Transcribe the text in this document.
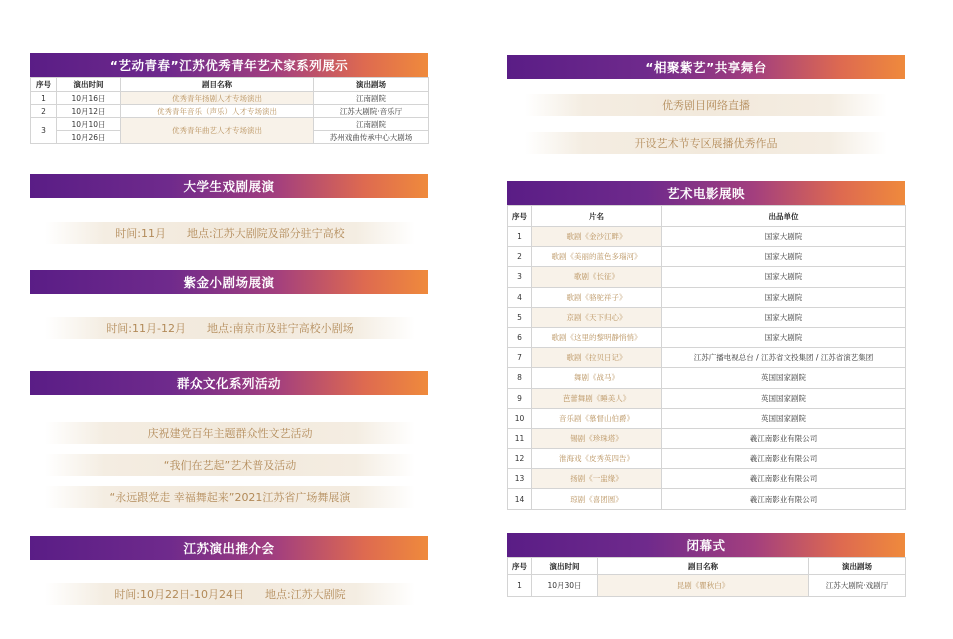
“艺动青春”江苏优秀青年艺术家系列展示
序号	演出时间	剧目名称	演出剧场
1	10月16日	优秀青年扬剧人才专场演出	江南剧院
2	10月12日	优秀青年音乐（声乐）人才专场演出	江苏大剧院·音乐厅
3	10月10日	优秀青年曲艺人才专场演出	江南剧院
	10月26日		苏州戏曲传承中心大剧场
大学生戏剧展演
时间:11月      地点:江苏大剧院及部分驻宁高校
紫金小剧场展演
时间:11月-12月      地点:南京市及驻宁高校小剧场
群众文化系列活动
庆祝建党百年主题群众性文艺活动
“我们在艺起”艺术普及活动
“永远跟党走 幸福舞起来”2021江苏省广场舞展演
江苏演出推介会
时间:10月22日-10月24日      地点:江苏大剧院
“相聚紫艺”共享舞台
优秀剧目网络直播
开设艺术节专区展播优秀作品
艺术电影展映
序号	片名	出品单位
1	歌剧《金沙江畔》	国家大剧院
2	歌剧《美丽的蓝色多瑙河》	国家大剧院
3	歌剧《长征》	国家大剧院
4	歌剧《骆驼祥子》	国家大剧院
5	京剧《天下归心》	国家大剧院
6	歌剧《这里的黎明静悄悄》	国家大剧院
7	歌剧《拉贝日记》	江苏广播电视总台 / 江苏省文投集团 / 江苏省演艺集团
8	舞剧《战马》	英国国家剧院
9	芭蕾舞剧《睡美人》	英国国家剧院
10	音乐剧《慕督山伯爵》	英国国家剧院
11	锡剧《珍珠塔》	羲江南影业有限公司
12	淮海戏《皮秀英四告》	羲江南影业有限公司
13	扬剧《一盅缘》	羲江南影业有限公司
14	琼剧《喜团圆》	羲江南影业有限公司
闭幕式
序号	演出时间	剧目名称	演出剧场
1	10月30日	昆剧《瞿秋白》	江苏大剧院·戏剧厅
